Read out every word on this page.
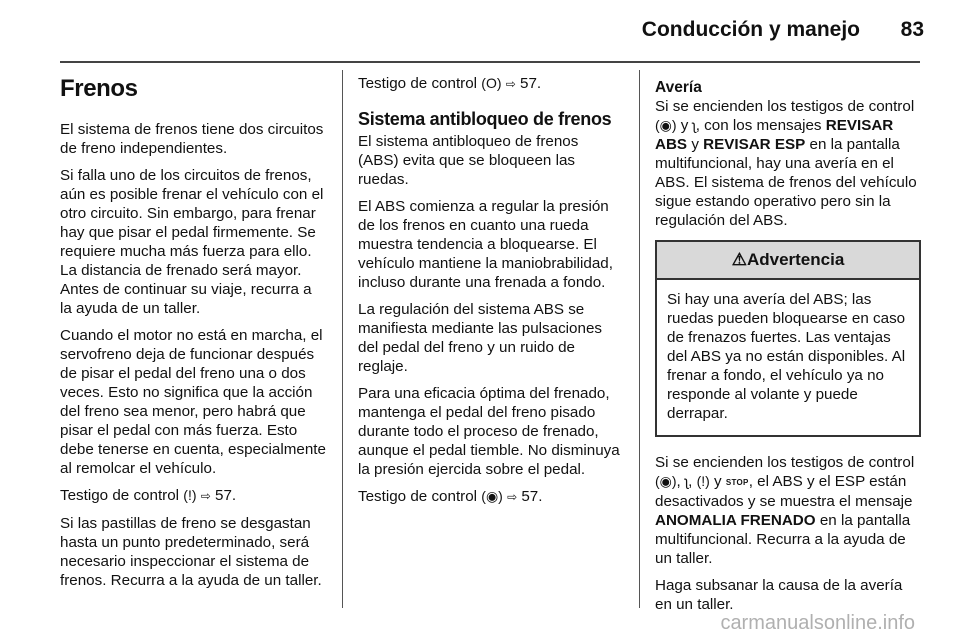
Conducción y manejo	83
Frenos

El sistema de frenos tiene dos circuitos de freno independientes.

Si falla uno de los circuitos de frenos, aún es posible frenar el vehículo con el otro circuito. Sin embargo, para frenar hay que pisar el pedal firmemente. Se requiere mucha más fuerza para ello. La distancia de frenado será mayor. Antes de continuar su viaje, recurra a la ayuda de un taller.

Cuando el motor no está en marcha, el servofreno deja de funcionar después de pisar el pedal del freno una o dos veces. Esto no significa que la acción del freno sea menor, pero habrá que pisar el pedal con más fuerza. Esto debe tenerse en cuenta, especialmente al remolcar el vehículo.

Testigo de control (!) ⇨ 57.

Si las pastillas de freno se desgastan hasta un punto predeterminado, será necesario inspeccionar el sistema de frenos. Recurra a la ayuda de un taller.

Testigo de control (O) ⇨ 57.

Sistema antibloqueo de frenos

El sistema antibloqueo de frenos (ABS) evita que se bloqueen las ruedas.

El ABS comienza a regular la presión de los frenos en cuanto una rueda muestra tendencia a bloquearse. El vehículo mantiene la maniobrabilidad, incluso durante una frenada a fondo.

La regulación del sistema ABS se manifiesta mediante las pulsaciones del pedal del freno y un ruido de reglaje.

Para una eficacia óptima del frenado, mantenga el pedal del freno pisado durante todo el proceso de frenado, aunque el pedal tiemble. No disminuya la presión ejercida sobre el pedal.

Testigo de control (◉) ⇨ 57.

Avería

Si se encienden los testigos de control (◉) y ʅ, con los mensajes REVISAR ABS y REVISAR ESP en la pantalla multifuncional, hay una avería en el ABS. El sistema de frenos del vehículo sigue estando operativo pero sin la regulación del ABS.

⚠Advertencia
Si hay una avería del ABS; las ruedas pueden bloquearse en caso de frenazos fuertes. Las ventajas del ABS ya no están disponibles. Al frenar a fondo, el vehículo ya no responde al volante y puede derrapar.

Si se encienden los testigos de control (◉), ʅ, (!) y STOP, el ABS y el ESP están desactivados y se muestra el mensaje ANOMALIA FRENADO en la pantalla multifuncional. Recurra a la ayuda de un taller.

Haga subsanar la causa de la avería en un taller.

carmanualsonline.info
